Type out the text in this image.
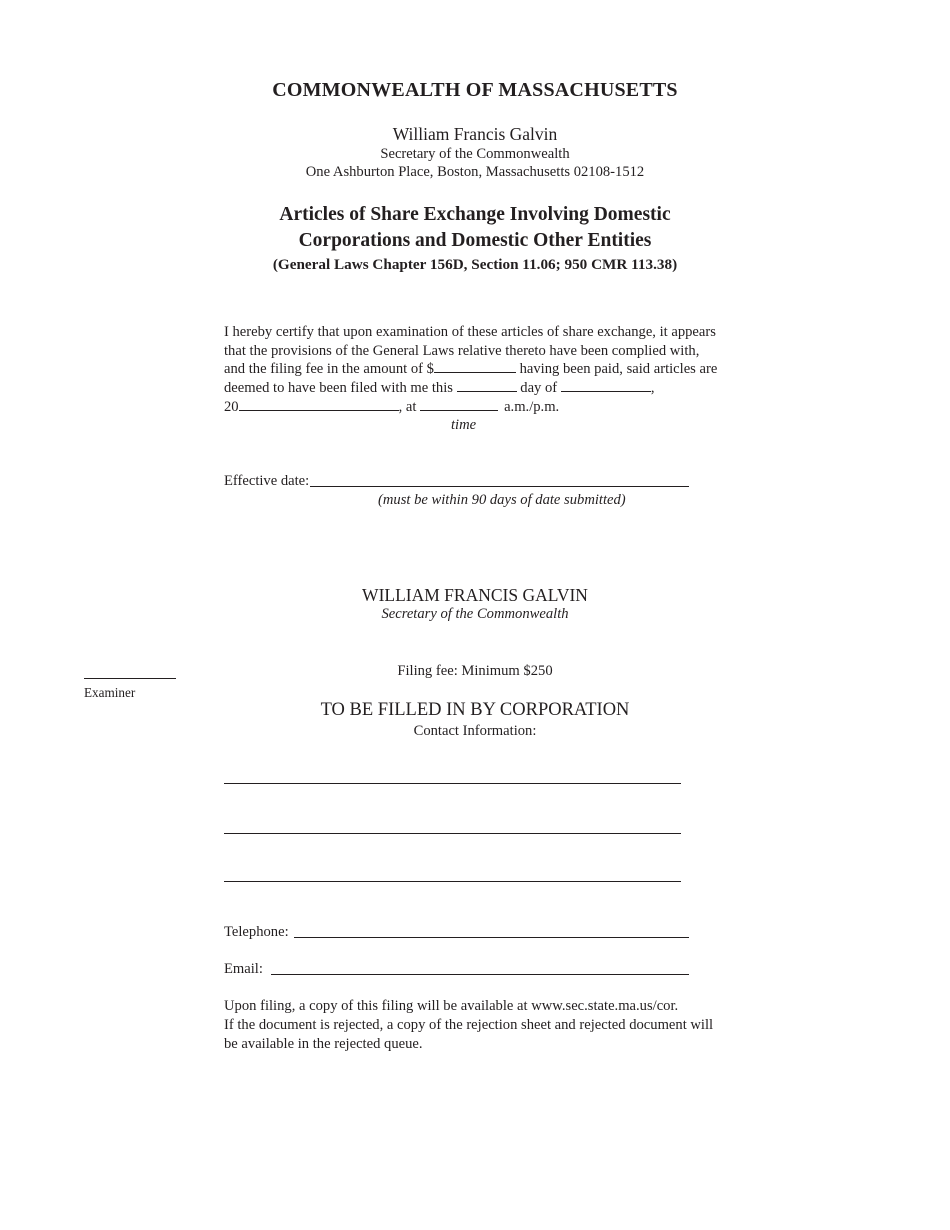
COMMONWEALTH OF MASSACHUSETTS
William Francis Galvin
Secretary of the Commonwealth
One Ashburton Place, Boston, Massachusetts 02108-1512
Articles of Share Exchange Involving Domestic
Corporations and Domestic Other Entities
(General Laws Chapter 156D, Section 11.06; 950 CMR 113.38)
I hereby certify that upon examination of these articles of share exchange, it appears
that the provisions of the General Laws relative thereto have been complied with,
and the filing fee in the amount of $	having been paid, said articles are
deemed to have been filed with me this	day of	,
20	, at	a.m./p.m.
time
Effective date:
(must be within 90 days of date submitted)
WILLIAM FRANCIS GALVIN
Secretary of the Commonwealth
Examiner
Filing fee: Minimum $250
TO BE FILLED IN BY CORPORATION
Contact Information:
Telephone:
Email:
Upon filing, a copy of this filing will be available at www.sec.state.ma.us/cor.
If the document is rejected, a copy of the rejection sheet and rejected document will
be available in the rejected queue.
